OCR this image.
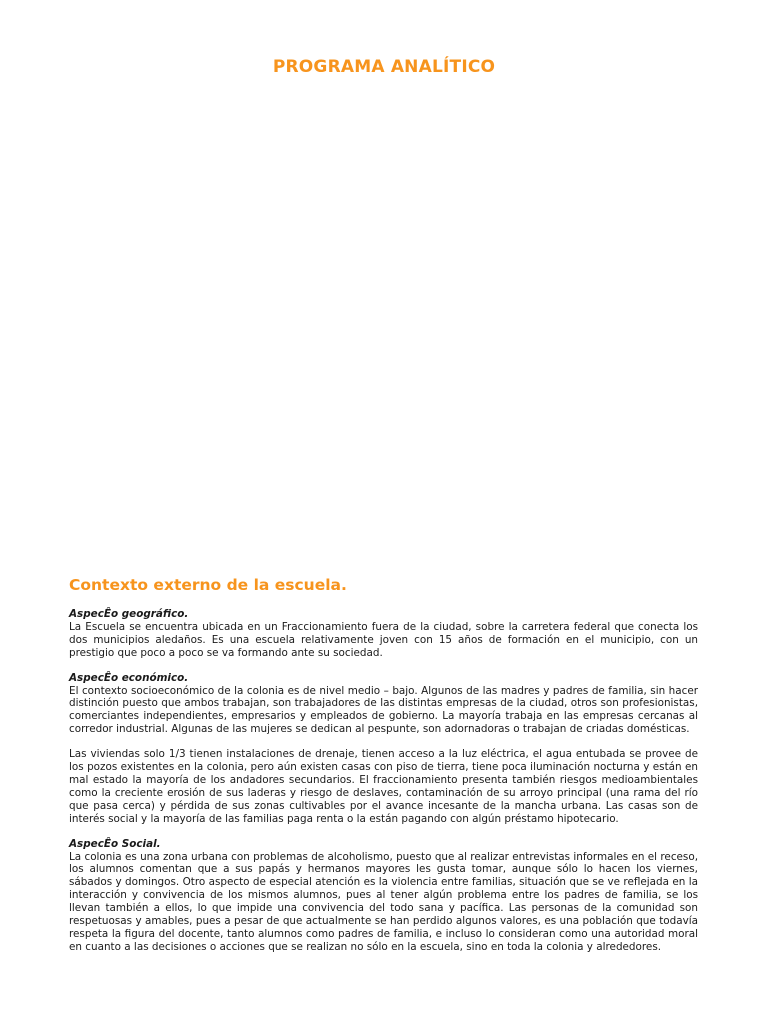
PROGRAMA ANALÍTICO
Contexto externo de la escuela.

AspecÊo geográfico.

La Escuela se encuentra ubicada en un Fraccionamiento fuera de la ciudad, sobre la carretera federal que conecta los dos municipios aledaños. Es una escuela relativamente joven con 15 años de formación en el municipio, con un prestigio que poco a poco se va formando ante su sociedad.

AspecÊo económico.

El contexto socioeconómico de la colonia es de nivel medio – bajo. Algunos de las madres y padres de familia, sin hacer distinción puesto que ambos trabajan, son trabajadores de las distintas empresas de la ciudad, otros son profesionistas, comerciantes independientes, empresarios y empleados de gobierno. La mayoría trabaja en las empresas cercanas al corredor industrial. Algunas de las mujeres se dedican al pespunte, son adornadoras o trabajan de criadas domésticas.

Las viviendas solo 1/3 tienen instalaciones de drenaje, tienen acceso a la luz eléctrica, el agua entubada se provee de los pozos existentes en la colonia, pero aún existen casas con piso de tierra, tiene poca iluminación nocturna y están en mal estado la mayoría de los andadores secundarios. El fraccionamiento presenta también riesgos medioambientales como la creciente erosión de sus laderas y riesgo de deslaves, contaminación de su arroyo principal (una rama del río que pasa cerca) y pérdida de sus zonas cultivables por el avance incesante de la mancha urbana. Las casas son de interés social y la mayoría de las familias paga renta o la están pagando con algún préstamo hipotecario.

AspecÊo Social.

La colonia es una zona urbana con problemas de alcoholismo, puesto que al realizar entrevistas informales en el receso, los alumnos comentan que a sus papás y hermanos mayores les gusta tomar, aunque sólo lo hacen los viernes, sábados y domingos. Otro aspecto de especial atención es la violencia entre familias, situación que se ve reflejada en la interacción y convivencia de los mismos alumnos, pues al tener algún problema entre los padres de familia, se los llevan también a ellos, lo que impide una convivencia del todo sana y pacífica. Las personas de la comunidad son respetuosas y amables, pues a pesar de que actualmente se han perdido algunos valores, es una población que todavía respeta la figura del docente, tanto alumnos como padres de familia, e incluso lo consideran como una autoridad moral en cuanto a las decisiones o acciones que se realizan no sólo en la escuela, sino en toda la colonia y alrededores.
